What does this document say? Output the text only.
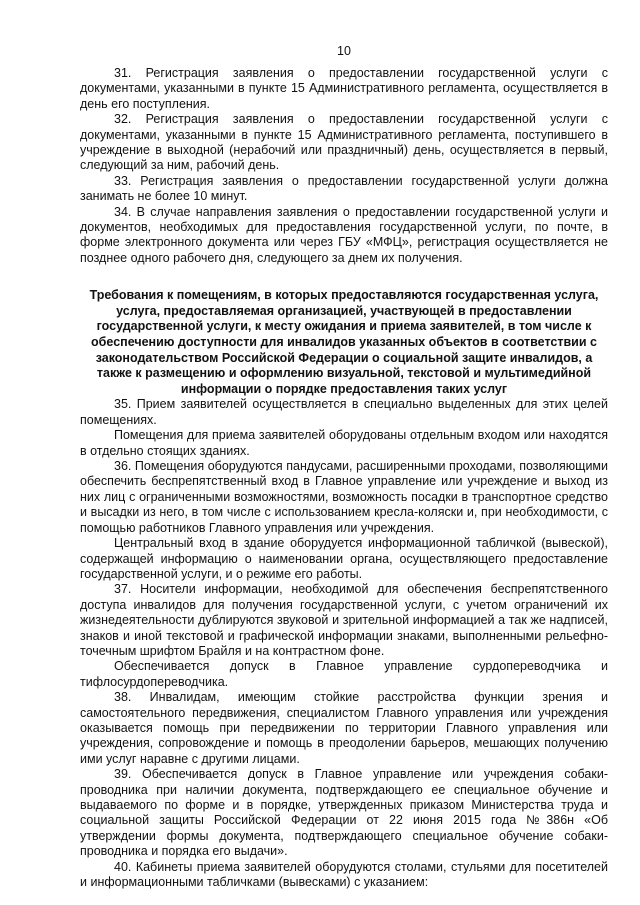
10

31. Регистрация заявления о предоставлении государственной услуги с документами, указанными в пункте 15 Административного регламента, осуществляется в день его поступления.

32. Регистрация заявления о предоставлении государственной услуги с документами, указанными в пункте 15 Административного регламента, поступившего в учреждение в выходной (нерабочий или праздничный) день, осуществляется в первый, следующий за ним, рабочий день.

33. Регистрация заявления о предоставлении государственной услуги должна занимать не более 10 минут.

34. В случае направления заявления о предоставлении государственной услуги и документов, необходимых для предоставления государственной услуги, по почте, в форме электронного документа или через ГБУ «МФЦ», регистрация осуществляется не позднее одного рабочего дня, следующего за днем их получения.

Требования к помещениям, в которых предоставляются государственная услуга, услуга, предоставляемая организацией, участвующей в предоставлении государственной услуги, к месту ожидания и приема заявителей, в том числе к обеспечению доступности для инвалидов указанных объектов в соответствии с законодательством Российской Федерации о социальной защите инвалидов, а также к размещению и оформлению визуальной, текстовой и мультимедийной информации о порядке предоставления таких услуг

35. Прием заявителей осуществляется в специально выделенных для этих целей помещениях.

Помещения для приема заявителей оборудованы отдельным входом или находятся в отдельно стоящих зданиях.

36. Помещения оборудуются пандусами, расширенными проходами, позволяющими обеспечить беспрепятственный вход в Главное управление или учреждение и выход из них лиц с ограниченными возможностями, возможность посадки в транспортное средство и высадки из него, в том числе с использованием кресла-коляски и, при необходимости, с помощью работников Главного управления или учреждения.

Центральный вход в здание оборудуется информационной табличкой (вывеской), содержащей информацию о наименовании органа, осуществляющего предоставление государственной услуги, и о режиме его работы.

37. Носители информации, необходимой для обеспечения беспрепятственного доступа инвалидов для получения государственной услуги, с учетом ограничений их жизнедеятельности дублируются звуковой и зрительной информацией а так же надписей, знаков и иной текстовой и графической информации знаками, выполненными рельефно-точечным шрифтом Брайля и на контрастном фоне.

Обеспечивается допуск в Главное управление сурдопереводчика и тифлосурдопереводчика.

38. Инвалидам, имеющим стойкие расстройства функции зрения и самостоятельного передвижения, специалистом Главного управления или учреждения оказывается помощь при передвижении по территории Главного управления или учреждения, сопровождение и помощь в преодолении барьеров, мешающих получению ими услуг наравне с другими лицами.

39. Обеспечивается допуск в Главное управление или учреждения собаки-проводника при наличии документа, подтверждающего ее специальное обучение и выдаваемого по форме и в порядке, утвержденных приказом Министерства труда и социальной защиты Российской Федерации от 22 июня 2015 года №386н «Об утверждении формы документа, подтверждающего специальное обучение собаки-проводника и порядка его выдачи».

40. Кабинеты приема заявителей оборудуются столами, стульями для посетителей и информационными табличками (вывесками) с указанием:
